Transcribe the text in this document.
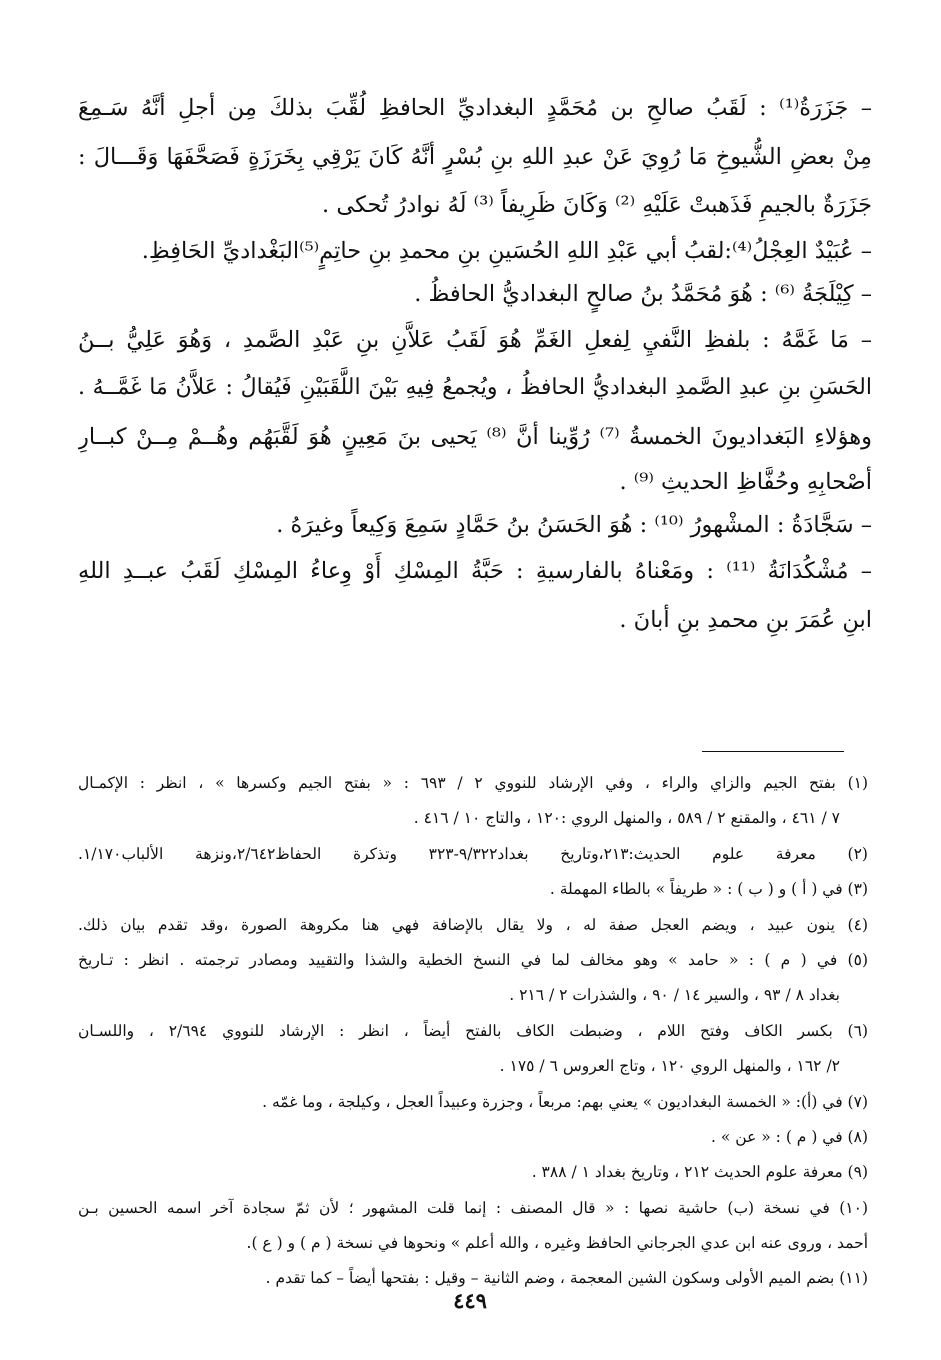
– جَزَرَةُ⁽¹⁾ : لَقَبُ صالحِ بن مُحَمَّدٍ البغداديِّ الحافظِ لُقِّبَ بذلكَ مِن أجلِ أنَّهُ سَـمِعَ
مِنْ بعضِ الشُّيوخِ مَا رُوِيَ عَنْ عبدِ اللهِ بنِ بُسْرٍ أنَّهُ كَانَ يَرْقِي بِخَرَزَةٍ فَصَحَّفَهَا وَقَـــالَ :
جَزَرَةٌ بالجيمِ فَذَهبتْ عَلَيْهِ ⁽²⁾ وَكَانَ ظَرِيفاً ⁽³⁾ لَهُ نوادرُ تُحكى .
– عُبَيْدٌ العِجْلُ⁽⁴⁾:لقبُ أبي عَبْدِ اللهِ الحُسَينِ بنِ محمدِ بنِ حاتِمٍ⁽⁵⁾البَغْداديِّ الحَافِظِ.
– كِيْلَجَةُ ⁽⁶⁾ : هُوَ مُحَمَّدُ بنُ صالحٍ البغداديُّ الحافظُ .
– مَا غَمَّهُ : بلفظِ النَّفيِ لِفعلِ الغَمِّ هُوَ لَقَبُ عَلاَّنِ بنِ عَبْدِ الصَّمدِ ، وَهُوَ عَلِيُّ بــنُ
الحَسَنِ بنِ عبدِ الصَّمدِ البغداديُّ الحافظُ ، ويُجمعُ فِيهِ بَيْنَ اللَّقَبَيْنِ فَيُقالُ : عَلاَّنُ مَا غَمَّــهُ .
وهؤلاءِ البَغداديونَ الخمسةُ ⁽⁷⁾ رُوِّينا أنَّ ⁽⁸⁾ يَحيى بنَ مَعِينٍ هُوَ لَقَّبَهُم وهُــمْ مِــنْ كبــارِ
أصْحابِهِ وحُفَّاظِ الحديثِ ⁽⁹⁾ .
– سَجَّادَةُ : المشْهورُ ⁽¹⁰⁾ : هُوَ الحَسَنُ بنُ حَمَّادٍ سَمِعَ وَكِيعاً وغيرَهُ .
– مُشْكُدَانَةُ ⁽¹¹⁾ : ومَعْناهُ بالفارسيةِ : حَبَّةُ المِسْكِ أَوْ وِعاءُ المِسْكِ لَقَبُ عبــدِ اللهِ
ابنِ عُمَرَ بنِ محمدِ بنِ أبانَ .
(١) بفتح الجيم والزاي والراء ، وفي الإرشاد للنووي ٢ / ٦٩٣ : « بفتح الجيم وكسرها » ، انظر : الإكمـال
٧ / ٤٦١ ، والمقنع ٢ / ٥٨٩ ، والمنهل الروي :١٢٠ ، والتاج ١٠ / ٤١٦ .
(٢) معرفة علوم الحديث:٢١٣،وتاريخ بغداد٩/٣٢٢-٣٢٣ وتذكرة الحفاظ٢/٦٤٢،ونزهة الألباب١/١٧٠.
(٣) في ( أ ) و ( ب ) : « طريفاً » بالطاء المهملة .
(٤) ينون عبيد ، ويضم العجل صفة له ، ولا يقال بالإضافة فهي هنا مكروهة الصورة ،وقد تقدم بيان ذلك.
(٥) في ( م ) : « حامد » وهو مخالف لما في النسخ الخطية والشذا والتقييد ومصادر ترجمته . انظر : تـاريخ
بغداد ٨ / ٩٣ ، والسير ١٤ / ٩٠ ، والشذرات ٢ / ٢١٦ .
(٦) بكسر الكاف وفتح اللام ، وضبطت الكاف بالفتح أيضاً ، انظر : الإرشاد للنووي ٢/٦٩٤ ، واللسـان
٢/ ١٦٢ ، والمنهل الروي ١٢٠ ، وتاج العروس ٦ / ١٧٥ .
(٧) في (أ): « الخمسة البغداديون » يعني بهم: مربعاً ، وجزرة وعبيداً العجل ، وكيلجة ، وما غمّه .
(٨) في ( م ) : « عن » .
(٩) معرفة علوم الحديث ٢١٢ ، وتاريخ بغداد ١ / ٣٨٨ .
(١٠) في نسخة (ب) حاشية نصها : « قال المصنف : إنما قلت المشهور ؛ لأن ثمّ سجادة آخر اسمه الحسين بـن
أحمد ، وروى عنه ابن عدي الجرجاني الحافظ وغيره ، والله أعلم » ونحوها في نسخة ( م ) و ( ع ).
(١١) بضم الميم الأولى وسكون الشين المعجمة ، وضم الثانية – وقيل : بفتحها أيضاً – كما تقدم .
٤٤٩
